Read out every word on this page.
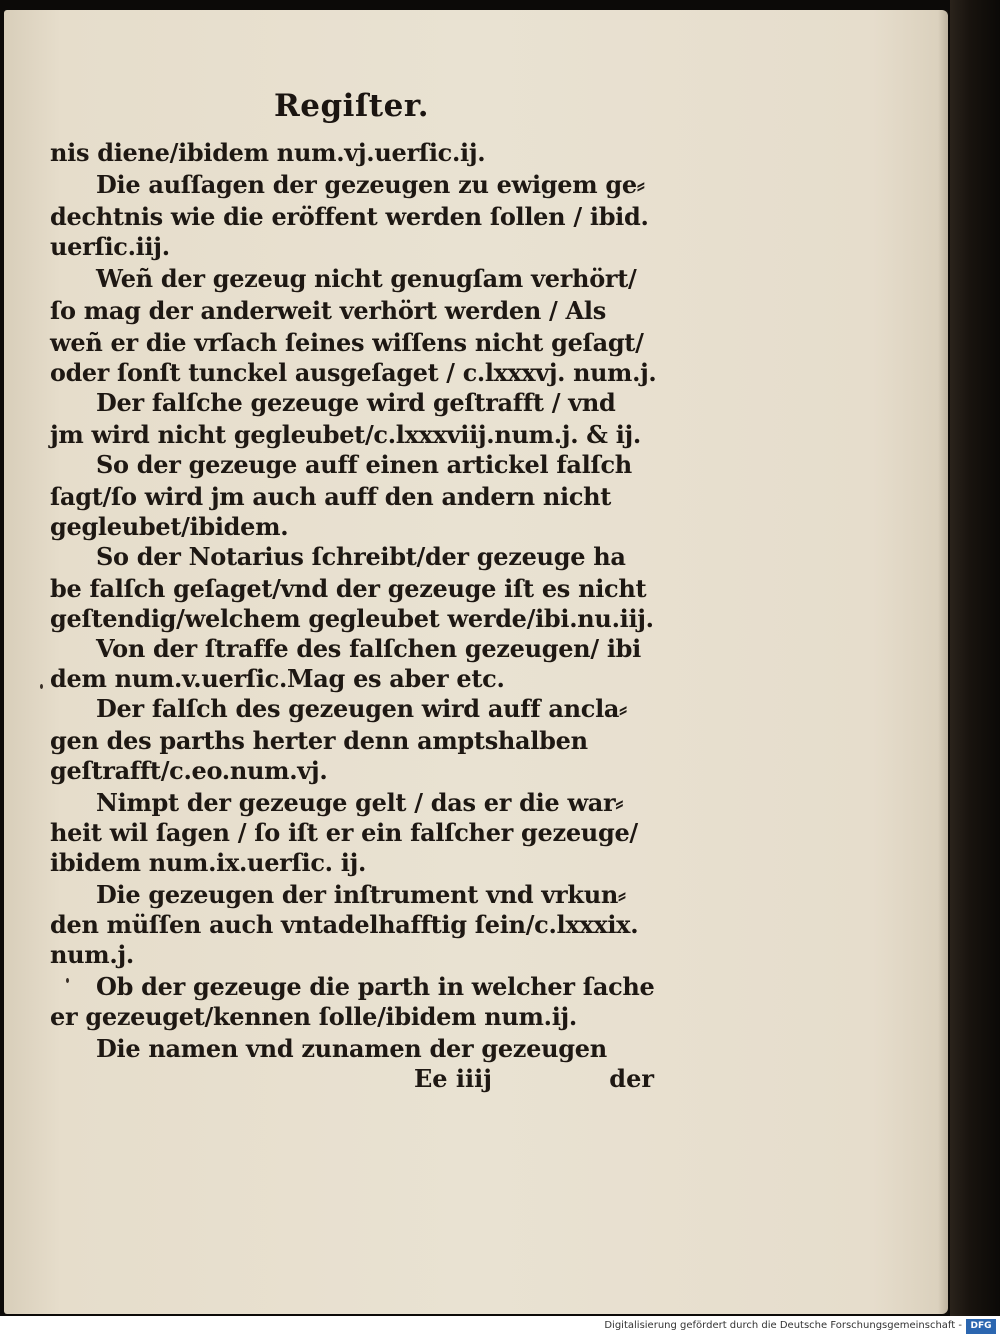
Regiſter.

nis diene/ibidem num.vj.uerſic.ij.

Die auſſagen der gezeugen zu ewigem ge⸗

dechtnis wie die eröffent werden ſollen / ibid.

uerſic.iij.

Weñ der gezeug nicht genugſam verhört/

ſo mag der anderweit verhört werden / Als

weñ er die vrſach ſeines wiſſens nicht geſagt/

oder ſonſt tunckel ausgeſaget / c.lxxxvj. num.j.

Der falſche gezeuge wird geſtrafft / vnd

jm wird nicht gegleubet/c.lxxxviij.num.j. & ij.

So der gezeuge auff einen artickel falſch

ſagt/ſo wird jm auch auff den andern nicht

gegleubet/ibidem.

So der Notarius ſchreibt/der gezeuge ha

be falſch geſaget/vnd der gezeuge iſt es nicht

geſtendig/welchem gegleubet werde/ibi.nu.iij.

Von der ſtraffe des falſchen gezeugen/ ibi

dem num.v.uerſic.Mag es aber etc.

Der falſch des gezeugen wird auff ancla⸗

gen des parths herter denn amptshalben

geſtrafft/c.eo.num.vj.

Nimpt der gezeuge gelt / das er die war⸗

heit wil ſagen / ſo iſt er ein falſcher gezeuge/

ibidem num.ix.uerſic. ij.

Die gezeugen der inſtrument vnd vrkun⸗

den müſſen auch vntadelhafftig ſein/c.lxxxix.

num.j.

Ob der gezeuge die parth in welcher ſache

er gezeuget/kennen ſolle/ibidem num.ij.

Die namen vnd zunamen der gezeugen

Ee iiij	der
Digitalisierung gefördert durch die Deutsche Forschungsgemeinschaft - DFG
